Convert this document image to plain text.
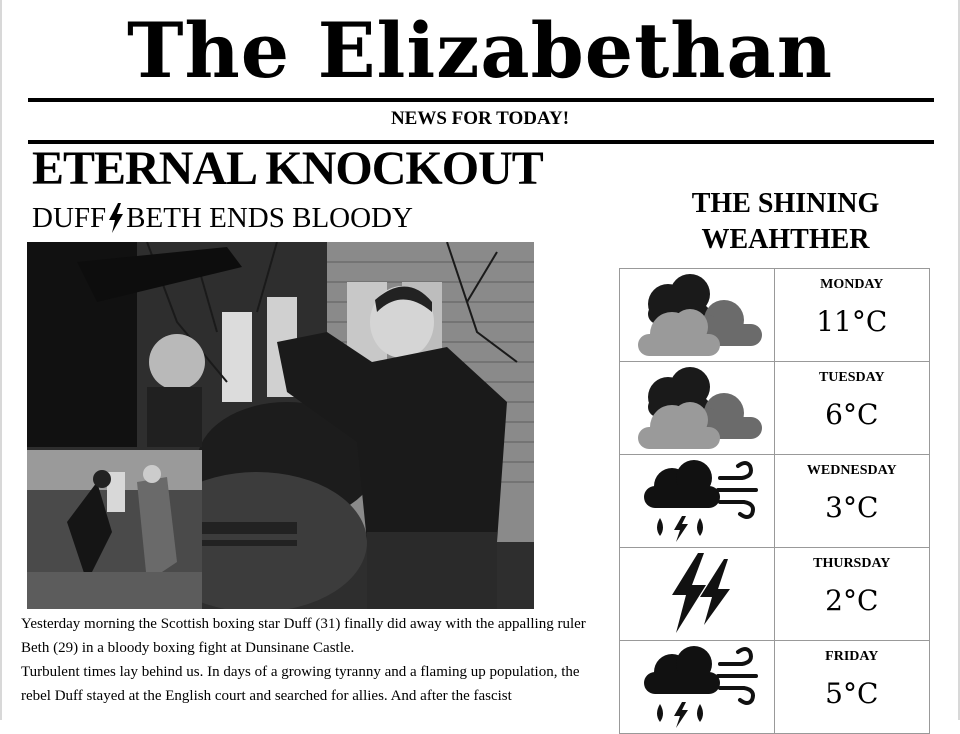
The Elizabethan
NEWS FOR TODAY!
ETERNAL KNOCKOUT
DUFF BETH ENDS BLOODY

Yesterday morning the Scottish boxing star Duff (31) finally did away with the appalling ruler Beth (29) in a bloody boxing fight at Dunsinane Castle.

Turbulent times lay behind us. In days of a growing tyranny and a flaming up population, the rebel Duff stayed at the English court and searched for allies. And after the fascist

THE SHINING
WEAHTHER
MONDAY
11°C
TUESDAY
6°C
WEDNESDAY
3°C
THURSDAY
2°C
FRIDAY
5°C
